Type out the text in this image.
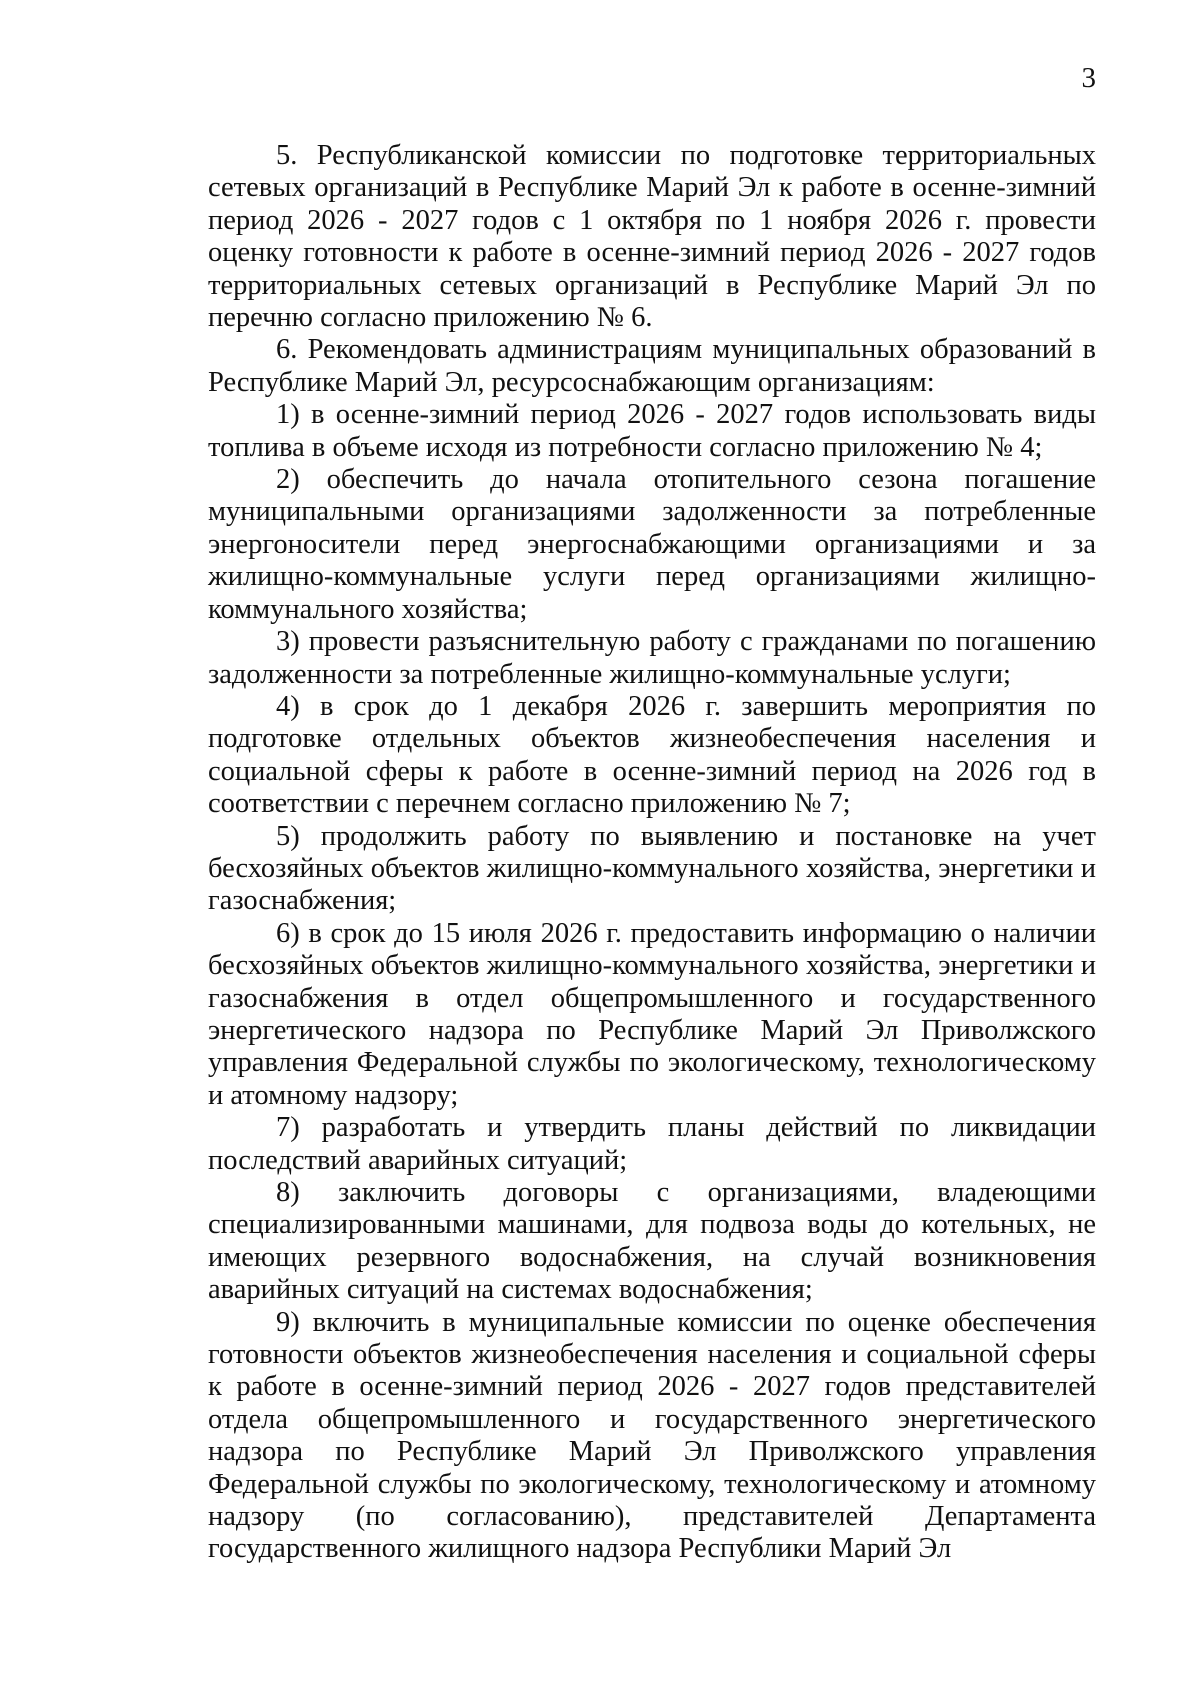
3

5. Республиканской комиссии по подготовке территориальных сетевых организаций в Республике Марий Эл к работе в осенне-зимний период 2026 - 2027 годов с 1 октября по 1 ноября 2026 г. провести оценку готовности к работе в осенне-зимний период 2026 - 2027 годов территориальных сетевых организаций в Республике Марий Эл по перечню согласно приложению № 6.

6. Рекомендовать администрациям муниципальных образований в Республике Марий Эл, ресурсоснабжающим организациям:

1) в осенне-зимний период 2026 - 2027 годов использовать виды топлива в объеме исходя из потребности согласно приложению № 4;

2) обеспечить до начала отопительного сезона погашение муниципальными организациями задолженности за потребленные энергоносители перед энергоснабжающими организациями и за жилищно-коммунальные услуги перед организациями жилищно-коммунального хозяйства;

3) провести разъяснительную работу с гражданами по погашению задолженности за потребленные жилищно-коммунальные услуги;

4) в срок до 1 декабря 2026 г. завершить мероприятия по подготовке отдельных объектов жизнеобеспечения населения и социальной сферы к работе в осенне-зимний период на 2026 год в соответствии с перечнем согласно приложению № 7;

5) продолжить работу по выявлению и постановке на учет бесхозяйных объектов жилищно-коммунального хозяйства, энергетики и газоснабжения;

6) в срок до 15 июля 2026 г. предоставить информацию о наличии бесхозяйных объектов жилищно-коммунального хозяйства, энергетики и газоснабжения в отдел общепромышленного и государственного энергетического надзора по Республике Марий Эл Приволжского управления Федеральной службы по экологическому, технологическому и атомному надзору;

7) разработать и утвердить планы действий по ликвидации последствий аварийных ситуаций;

8) заключить договоры с организациями, владеющими специализированными машинами, для подвоза воды до котельных, не имеющих резервного водоснабжения, на случай возникновения аварийных ситуаций на системах водоснабжения;

9) включить в муниципальные комиссии по оценке обеспечения готовности объектов жизнеобеспечения населения и социальной сферы к работе в осенне-зимний период 2026 - 2027 годов представителей отдела общепромышленного и государственного энергетического надзора по Республике Марий Эл Приволжского управления Федеральной службы по экологическому, технологическому и атомному надзору (по согласованию), представителей Департамента государственного жилищного надзора Республики Марий Эл
